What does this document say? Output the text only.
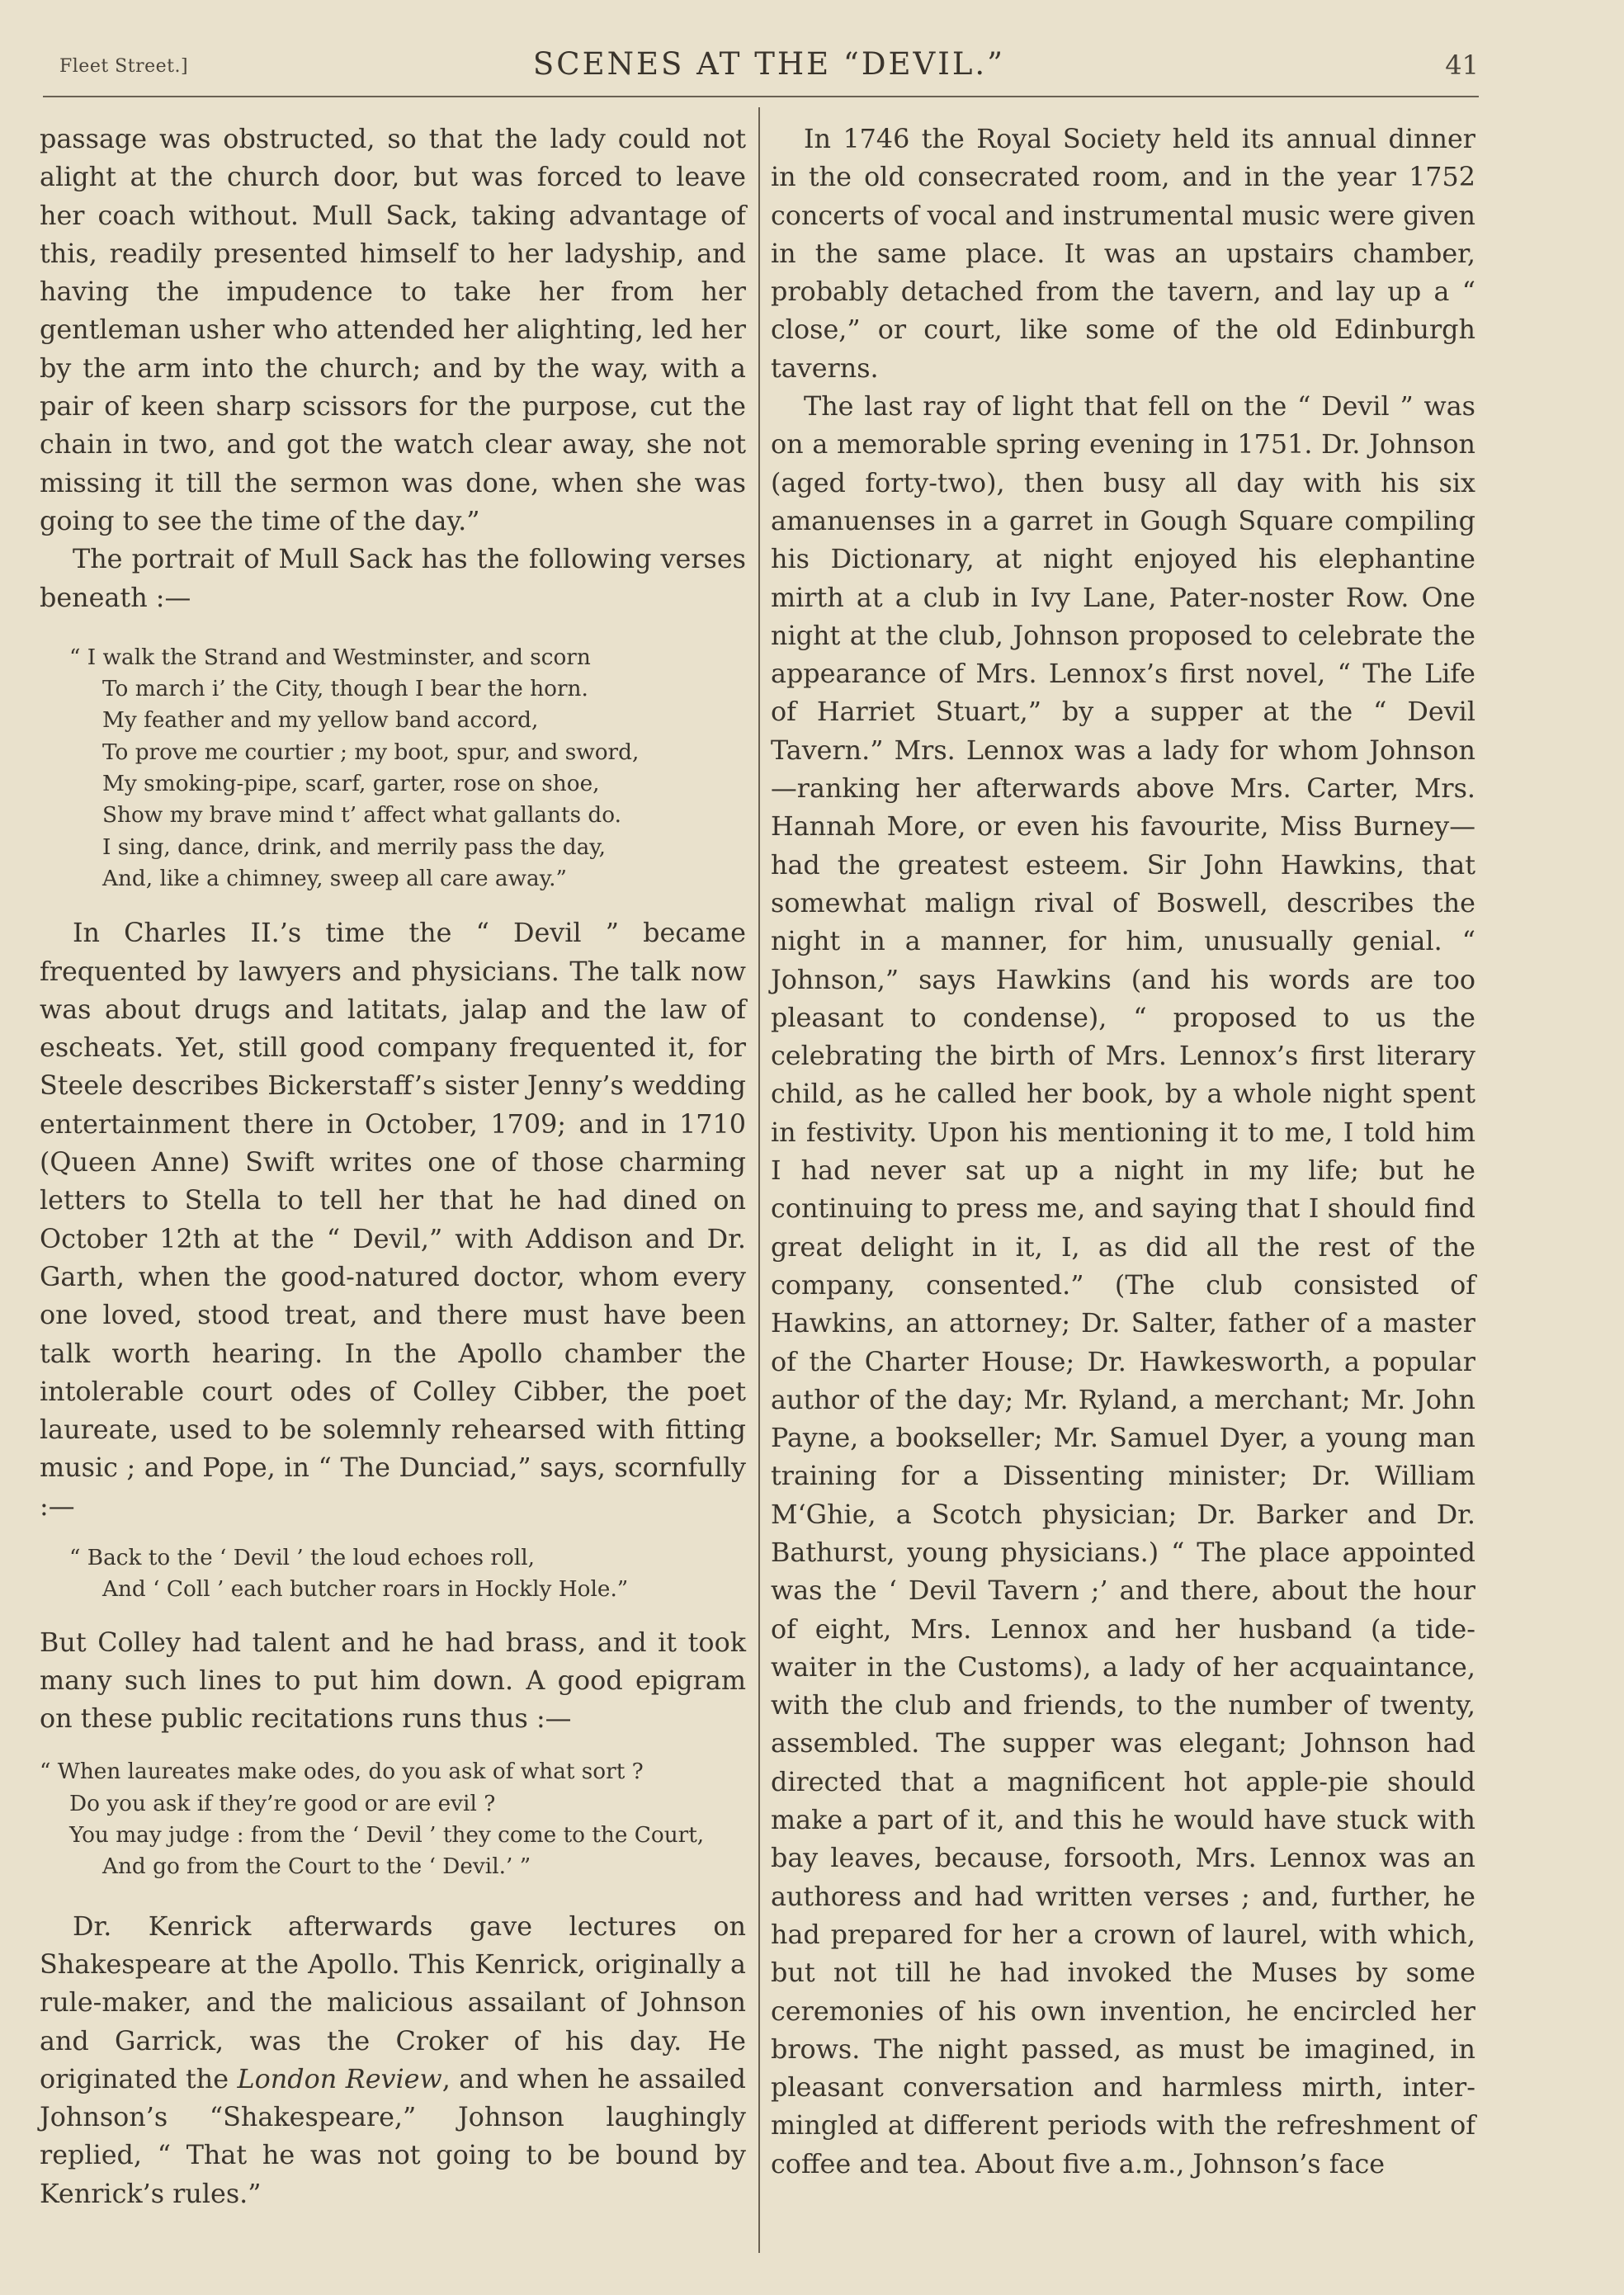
Fleet Street.]	SCENES AT THE “DEVIL.”	41

passage was obstructed, so that the lady could not alight at the church door, but was forced to leave her coach without. Mull Sack, taking advantage of this, readily presented himself to her ladyship, and having the impudence to take her from her gentleman usher who attended her alighting, led her by the arm into the church; and by the way, with a pair of keen sharp scissors for the purpose, cut the chain in two, and got the watch clear away, she not missing it till the sermon was done, when she was going to see the time of the day.”

The portrait of Mull Sack has the following verses beneath :—

“ I walk the Strand and Westminster, and scorn
To march i’ the City, though I bear the horn.
My feather and my yellow band accord,
To prove me courtier ; my boot, spur, and sword,
My smoking-pipe, scarf, garter, rose on shoe,
Show my brave mind t’ affect what gallants do.
I sing, dance, drink, and merrily pass the day,
And, like a chimney, sweep all care away.”

In Charles II.’s time the “ Devil ” became frequented by lawyers and physicians. The talk now was about drugs and latitats, jalap and the law of escheats. Yet, still good company frequented it, for Steele describes Bickerstaff’s sister Jenny’s wedding entertainment there in October, 1709; and in 1710 (Queen Anne) Swift writes one of those charming letters to Stella to tell her that he had dined on October 12th at the “ Devil,” with Addison and Dr. Garth, when the good-natured doctor, whom every one loved, stood treat, and there must have been talk worth hearing. In the Apollo chamber the intolerable court odes of Colley Cibber, the poet laureate, used to be solemnly rehearsed with fitting music ; and Pope, in “ The Dunciad,” says, scornfully :—

“ Back to the ‘ Devil ’ the loud echoes roll,
And ‘ Coll ’ each butcher roars in Hockly Hole.”

But Colley had talent and he had brass, and it took many such lines to put him down. A good epigram on these public recitations runs thus :—

“ When laureates make odes, do you ask of what sort ?
Do you ask if they’re good or are evil ?
You may judge : from the ‘ Devil ’ they come to the Court,
And go from the Court to the ‘ Devil.’ ”

Dr. Kenrick afterwards gave lectures on Shakespeare at the Apollo. This Kenrick, originally a rule-maker, and the malicious assailant of Johnson and Garrick, was the Croker of his day. He originated the London Review, and when he assailed Johnson’s “Shakespeare,” Johnson laughingly replied, “ That he was not going to be bound by Kenrick’s rules.”

In 1746 the Royal Society held its annual dinner in the old consecrated room, and in the year 1752 concerts of vocal and instrumental music were given in the same place. It was an upstairs chamber, probably detached from the tavern, and lay up a “ close,” or court, like some of the old Edinburgh taverns.

The last ray of light that fell on the “ Devil ” was on a memorable spring evening in 1751. Dr. Johnson (aged forty-two), then busy all day with his six amanuenses in a garret in Gough Square compiling his Dictionary, at night enjoyed his elephantine mirth at a club in Ivy Lane, Pater-noster Row. One night at the club, Johnson proposed to celebrate the appearance of Mrs. Lennox’s first novel, “ The Life of Harriet Stuart,” by a supper at the “ Devil Tavern.” Mrs. Lennox was a lady for whom Johnson—ranking her afterwards above Mrs. Carter, Mrs. Hannah More, or even his favourite, Miss Burney—had the greatest esteem. Sir John Hawkins, that somewhat malign rival of Boswell, describes the night in a manner, for him, unusually genial. “ Johnson,” says Hawkins (and his words are too pleasant to condense), “ proposed to us the celebrating the birth of Mrs. Lennox’s first literary child, as he called her book, by a whole night spent in festivity. Upon his mentioning it to me, I told him I had never sat up a night in my life; but he continuing to press me, and saying that I should find great delight in it, I, as did all the rest of the company, consented.” (The club consisted of Hawkins, an attorney; Dr. Salter, father of a master of the Charter House; Dr. Hawkesworth, a popular author of the day; Mr. Ryland, a merchant; Mr. John Payne, a bookseller; Mr. Samuel Dyer, a young man training for a Dissenting minister; Dr. William M‘Ghie, a Scotch physician; Dr. Barker and Dr. Bathurst, young physicians.) “ The place appointed was the ‘ Devil Tavern ;’ and there, about the hour of eight, Mrs. Lennox and her husband (a tide-waiter in the Customs), a lady of her acquaintance, with the club and friends, to the number of twenty, assembled. The supper was elegant; Johnson had directed that a magnificent hot apple-pie should make a part of it, and this he would have stuck with bay leaves, because, forsooth, Mrs. Lennox was an authoress and had written verses ; and, further, he had prepared for her a crown of laurel, with which, but not till he had invoked the Muses by some ceremonies of his own invention, he encircled her brows. The night passed, as must be imagined, in pleasant conversation and harmless mirth, inter-mingled at different periods with the refreshment of coffee and tea. About five a.m., Johnson’s face
